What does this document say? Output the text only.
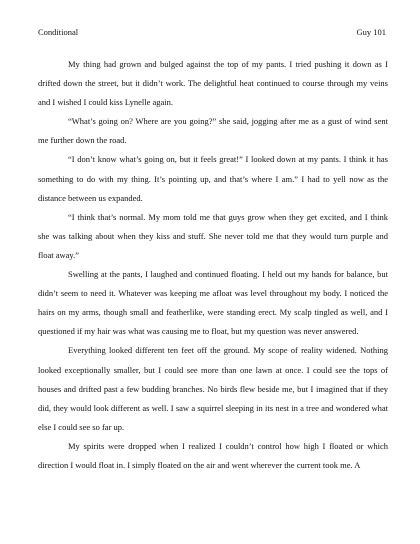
Conditional	Guy 101

My thing had grown and bulged against the top of my pants. I tried pushing it down as I drifted down the street, but it didn’t work. The delightful heat continued to course through my veins and I wished I could kiss Lynelle again.

“What’s going on? Where are you going?” she said, jogging after me as a gust of wind sent me further down the road.

“I don’t know what’s going on, but it feels great!” I looked down at my pants. I think it has something to do with my thing. It’s pointing up, and that’s where I am.” I had to yell now as the distance between us expanded.

“I think that’s normal. My mom told me that guys grow when they get excited, and I think she was talking about when they kiss and stuff. She never told me that they would turn purple and float away.”

Swelling at the pants, I laughed and continued floating. I held out my hands for balance, but didn’t seem to need it. Whatever was keeping me afloat was level throughout my body. I noticed the hairs on my arms, though small and featherlike, were standing erect. My scalp tingled as well, and I questioned if my hair was what was causing me to float, but my question was never answered.

Everything looked different ten feet off the ground. My scope of reality widened. Nothing looked exceptionally smaller, but I could see more than one lawn at once. I could see the tops of houses and drifted past a few budding branches. No birds flew beside me, but I imagined that if they did, they would look different as well. I saw a squirrel sleeping in its nest in a tree and wondered what else I could see so far up.

My spirits were dropped when I realized I couldn’t control how high I floated or which direction I would float in. I simply floated on the air and went wherever the current took me. A
